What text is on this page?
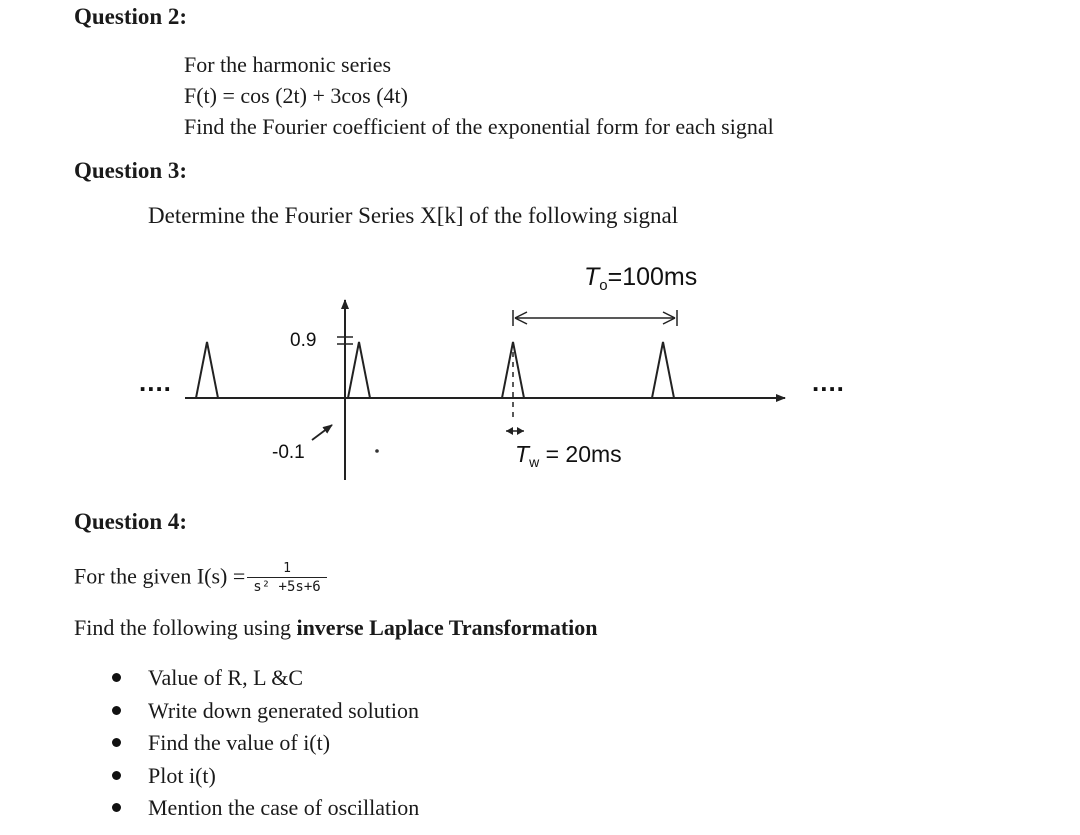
Question 2:
For the harmonic series
F(t) = cos (2t) + 3cos (4t)
Find the Fourier coefficient of the exponential form for each signal
Question 3:
Determine the Fourier Series X[k] of the following signal
$T_o=100ms$
$T_w = 20ms$
0.9
-0.1
....	....
Question 4:
For the given $I(s) = \frac{1}{\text{s² +5s+6}}$
Find the following using inverse Laplace Transformation
Value of R, L &C
Write down generated solution
Find the value of i(t)
Plot i(t)
Mention the case of oscillation
